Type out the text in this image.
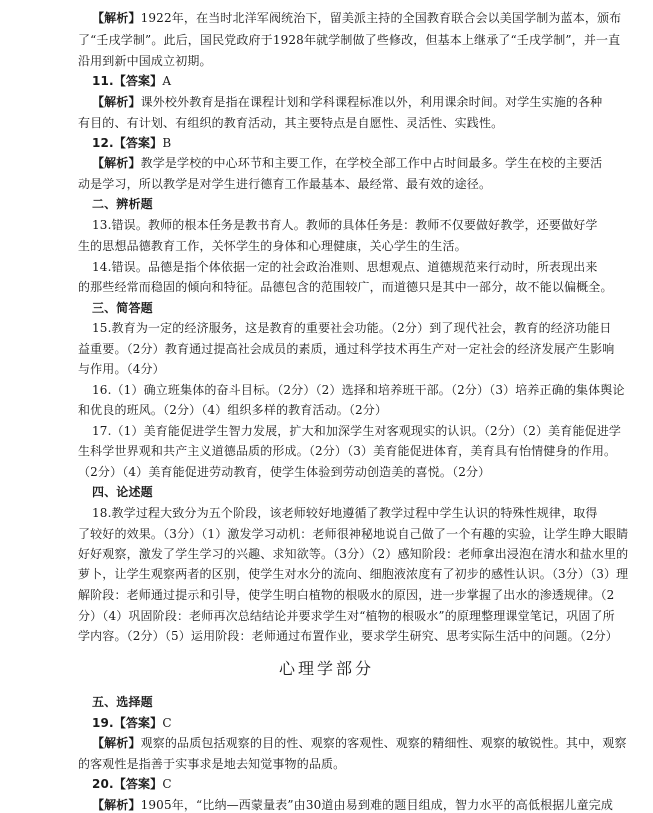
【解析】1922年，在当时北洋军阀统治下，留美派主持的全国教育联合会以美国学制为蓝本，颁布
了“壬戌学制”。此后，国民党政府于1928年就学制做了些修改，但基本上继承了“壬戌学制”，并一直
沿用到新中国成立初期。
11.【答案】A
【解析】课外校外教育是指在课程计划和学科课程标准以外，利用课余时间。对学生实施的各种
有目的、有计划、有组织的教育活动，其主要特点是自愿性、灵活性、实践性。
12.【答案】B
【解析】教学是学校的中心环节和主要工作，在学校全部工作中占时间最多。学生在校的主要活
动是学习，所以教学是对学生进行德育工作最基本、最经常、最有效的途径。
二、辨析题
13.错误。教师的根本任务是教书育人。教师的具体任务是：教师不仅要做好教学，还要做好学
生的思想品德教育工作，关怀学生的身体和心理健康，关心学生的生活。
14.错误。品德是指个体依据一定的社会政治准则、思想观点、道德规范来行动时，所表现出来
的那些经常而稳固的倾向和特征。品德包含的范围较广，而道德只是其中一部分，故不能以偏概全。
三、简答题
15.教育为一定的经济服务，这是教育的重要社会功能。（2分）到了现代社会，教育的经济功能日
益重要。（2分）教育通过提高社会成员的素质，通过科学技术再生产对一定社会的经济发展产生影响
与作用。（4分）
16.（1）确立班集体的奋斗目标。（2分）（2）选择和培养班干部。（2分）（3）培养正确的集体舆论
和优良的班风。（2分）（4）组织多样的教育活动。（2分）
17.（1）美育能促进学生智力发展，扩大和加深学生对客观现实的认识。（2分）（2）美育能促进学
生科学世界观和共产主义道德品质的形成。（2分）（3）美育能促进体育，美育具有怡情健身的作用。
（2分）（4）美育能促进劳动教育，使学生体验到劳动创造美的喜悦。（2分）
四、论述题
18.教学过程大致分为五个阶段，该老师较好地遵循了教学过程中学生认识的特殊性规律，取得
了较好的效果。（3分）（1）激发学习动机：老师很神秘地说自己做了一个有趣的实验，让学生睁大眼睛
好好观察，激发了学生学习的兴趣、求知欲等。（3分）（2）感知阶段：老师拿出浸泡在清水和盐水里的
萝卜，让学生观察两者的区别，使学生对水分的流向、细胞液浓度有了初步的感性认识。（3分）（3）理
解阶段：老师通过提示和引导，使学生明白植物的根吸水的原因，进一步掌握了出水的渗透规律。（2
分）（4）巩固阶段：老师再次总结结论并要求学生对“植物的根吸水”的原理整理课堂笔记，巩固了所
学内容。（2分）（5）运用阶段：老师通过布置作业，要求学生研究、思考实际生活中的问题。（2分）
心理学部分
五、选择题
19.【答案】C
【解析】观察的品质包括观察的目的性、观察的客观性、观察的精细性、观察的敏锐性。其中，观察
的客观性是指善于实事求是地去知觉事物的品质。
20.【答案】C
【解析】1905年，“比纳—西蒙量表”由30道由易到难的题目组成，智力水平的高低根据儿童完成
